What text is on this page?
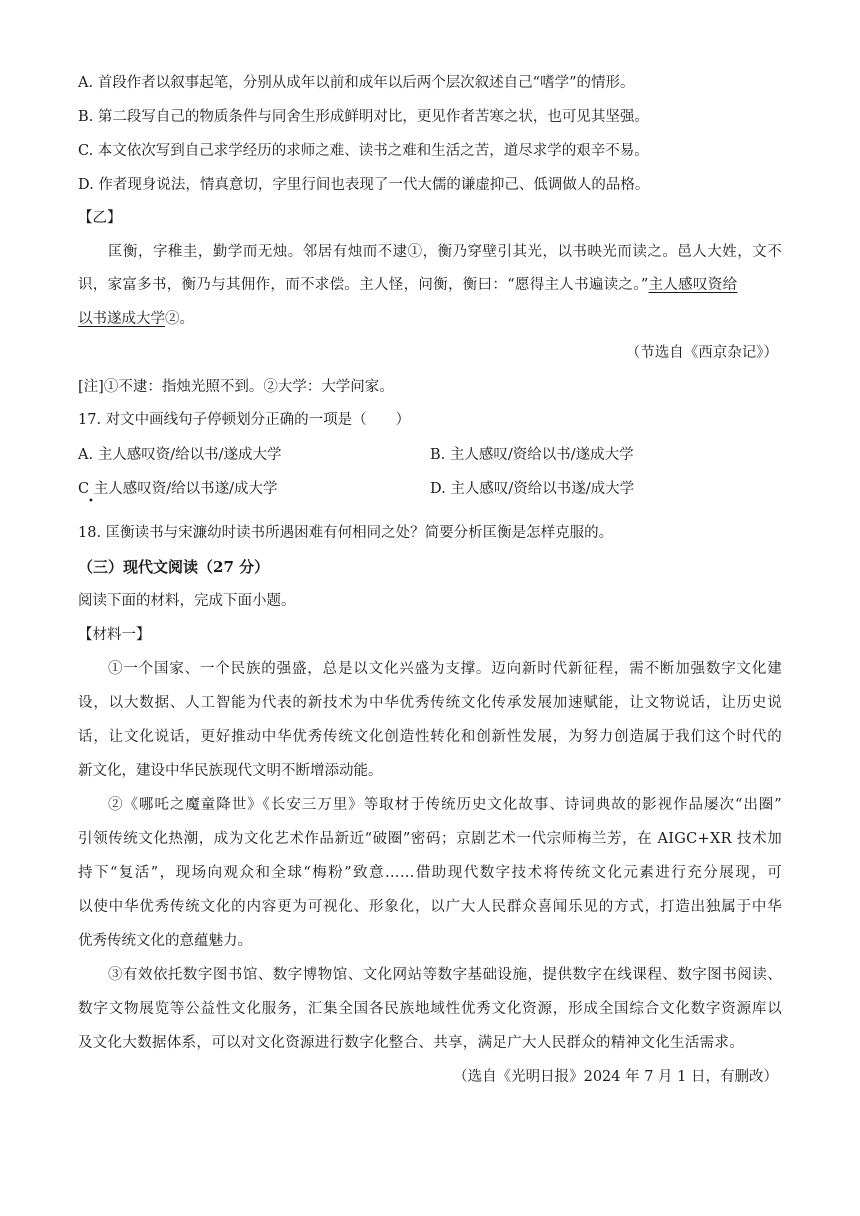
A. 首段作者以叙事起笔，分别从成年以前和成年以后两个层次叙述自己“嗜学”的情形。
B. 第二段写自己的物质条件与同舍生形成鲜明对比，更见作者苦寒之状，也可见其坚强。
C. 本文依次写到自己求学经历的求师之难、读书之难和生活之苦，道尽求学的艰辛不易。
D. 作者现身说法，情真意切，字里行间也表现了一代大儒的谦虚抑己、低调做人的品格。
【乙】
匡衡，字稚圭，勤学而无烛。邻居有烛而不逮①，衡乃穿壁引其光，以书映光而读之。邑人大姓，文不
识，家富多书，衡乃与其佣作，而不求偿。主人怪，问衡，衡曰：“愿得主人书遍读之。”主人感叹资给
以书遂成大学②。
（节选自《西京杂记》）
[注]①不逮：指烛光照不到。②大学：大学问家。
17. 对文中画线句子停顿划分正确的一项是（　　）
A. 主人感叹资/给以书/遂成大学	B. 主人感叹/资给以书/遂成大学
C 主人感叹资/给以书遂/成大学
•
D. 主人感叹/资给以书遂/成大学
18. 匡衡读书与宋濂幼时读书所遇困难有何相同之处？简要分析匡衡是怎样克服的。
（三）现代文阅读（27 分）
阅读下面的材料，完成下面小题。
【材料一】
①一个国家、一个民族的强盛，总是以文化兴盛为支撑。迈向新时代新征程，需不断加强数字文化建
设，以大数据、人工智能为代表的新技术为中华优秀传统文化传承发展加速赋能，让文物说话，让历史说
话，让文化说话，更好推动中华优秀传统文化创造性转化和创新性发展，为努力创造属于我们这个时代的
新文化，建设中华民族现代文明不断增添动能。
②《哪吒之魔童降世》《长安三万里》等取材于传统历史文化故事、诗词典故的影视作品屡次“出圈”
引领传统文化热潮，成为文化艺术作品新近“破圈”密码；京剧艺术一代宗师梅兰芳，在 AIGC+XR 技术加
持下“复活”，现场向观众和全球“梅粉”致意……借助现代数字技术将传统文化元素进行充分展现，可
以使中华优秀传统文化的内容更为可视化、形象化，以广大人民群众喜闻乐见的方式，打造出独属于中华
优秀传统文化的意蕴魅力。
③有效依托数字图书馆、数字博物馆、文化网站等数字基础设施，提供数字在线课程、数字图书阅读、
数字文物展览等公益性文化服务，汇集全国各民族地域性优秀文化资源，形成全国综合文化数字资源库以
及文化大数据体系，可以对文化资源进行数字化整合、共享，满足广大人民群众的精神文化生活需求。
（选自《光明日报》2024 年 7 月 1 日，有删改）
